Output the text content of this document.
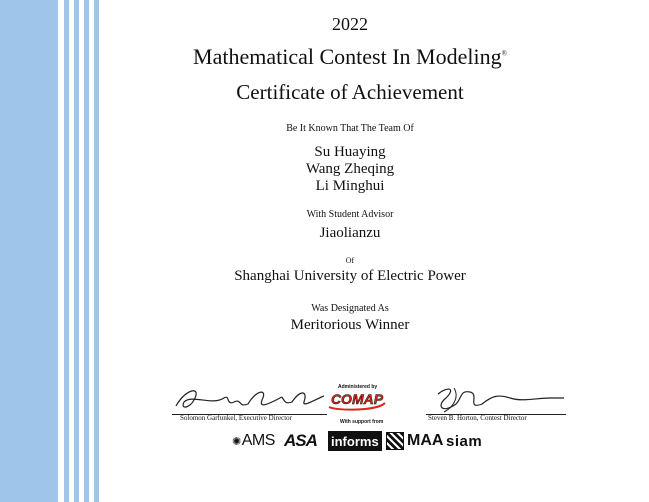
2022
Mathematical Contest In Modeling®
Certificate of Achievement
Be It Known That The Team Of
Su Huaying
Wang Zheqing
Li Minghui
With Student Advisor
Jiaolianzu
Of
Shanghai University of Electric Power
Was Designated As
Meritorious Winner
Solomon Garfunkel, Executive Director	Steven B. Horton, Contest Director
Administered by
COMAP
With support from
✺ AMS ASA informs MAA siam
